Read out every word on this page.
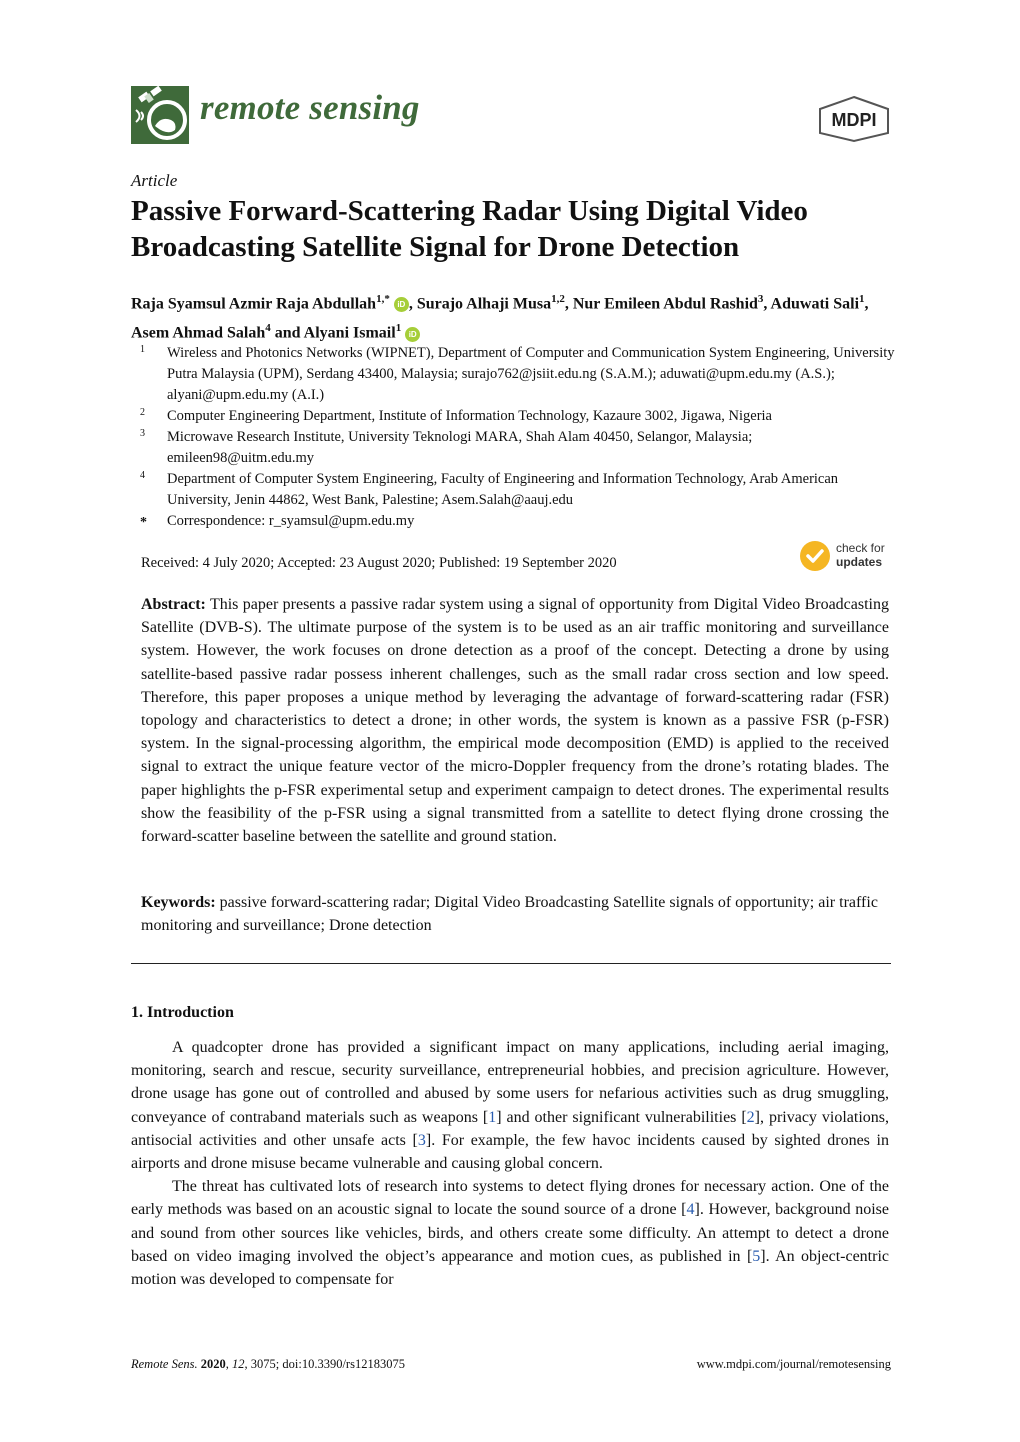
remote sensing	MDPI
Article
Passive Forward-Scattering Radar Using Digital Video Broadcasting Satellite Signal for Drone Detection
Raja Syamsul Azmir Raja Abdullah$^{1,*}$ iD , Surajo Alhaji Musa$^{1,2}$, Nur Emileen Abdul Rashid$^3$, Aduwati Sali$^1$, Asem Ahmad Salah$^4$ and Alyani Ismail$^1$ iD
1 Wireless and Photonics Networks (WIPNET), Department of Computer and Communication System Engineering, University Putra Malaysia (UPM), Serdang 43400, Malaysia; surajo762@jsiit.edu.ng (S.A.M.); aduwati@upm.edu.my (A.S.); alyani@upm.edu.my (A.I.)
2 Computer Engineering Department, Institute of Information Technology, Kazaure 3002, Jigawa, Nigeria
3 Microwave Research Institute, University Teknologi MARA, Shah Alam 40450, Selangor, Malaysia; emileen98@uitm.edu.my
4 Department of Computer System Engineering, Faculty of Engineering and Information Technology, Arab American University, Jenin 44862, West Bank, Palestine; Asem.Salah@aauj.edu
* Correspondence: r_syamsul@upm.edu.my
Received: 4 July 2020; Accepted: 23 August 2020; Published: 19 September 2020
check for
updates
Abstract: This paper presents a passive radar system using a signal of opportunity from Digital Video Broadcasting Satellite (DVB-S). The ultimate purpose of the system is to be used as an air traffic monitoring and surveillance system. However, the work focuses on drone detection as a proof of the concept. Detecting a drone by using satellite-based passive radar possess inherent challenges, such as the small radar cross section and low speed. Therefore, this paper proposes a unique method by leveraging the advantage of forward-scattering radar (FSR) topology and characteristics to detect a drone; in other words, the system is known as a passive FSR (p-FSR) system. In the signal-processing algorithm, the empirical mode decomposition (EMD) is applied to the received signal to extract the unique feature vector of the micro-Doppler frequency from the drone’s rotating blades. The paper highlights the p-FSR experimental setup and experiment campaign to detect drones. The experimental results show the feasibility of the p-FSR using a signal transmitted from a satellite to detect flying drone crossing the forward-scatter baseline between the satellite and ground station.
Keywords: passive forward-scattering radar; Digital Video Broadcasting Satellite signals of opportunity; air traffic monitoring and surveillance; Drone detection
1. Introduction

A quadcopter drone has provided a significant impact on many applications, including aerial imaging, monitoring, search and rescue, security surveillance, entrepreneurial hobbies, and precision agriculture. However, drone usage has gone out of controlled and abused by some users for nefarious activities such as drug smuggling, conveyance of contraband materials such as weapons [1] and other significant vulnerabilities [2], privacy violations, antisocial activities and other unsafe acts [3]. For example, the few havoc incidents caused by sighted drones in airports and drone misuse became vulnerable and causing global concern.

The threat has cultivated lots of research into systems to detect flying drones for necessary action. One of the early methods was based on an acoustic signal to locate the sound source of a drone [4]. However, background noise and sound from other sources like vehicles, birds, and others create some difficulty. An attempt to detect a drone based on video imaging involved the object’s appearance and motion cues, as published in [5]. An object-centric motion was developed to compensate for

Remote Sens. 2020, 12, 3075; doi:10.3390/rs12183075	www.mdpi.com/journal/remotesensing
